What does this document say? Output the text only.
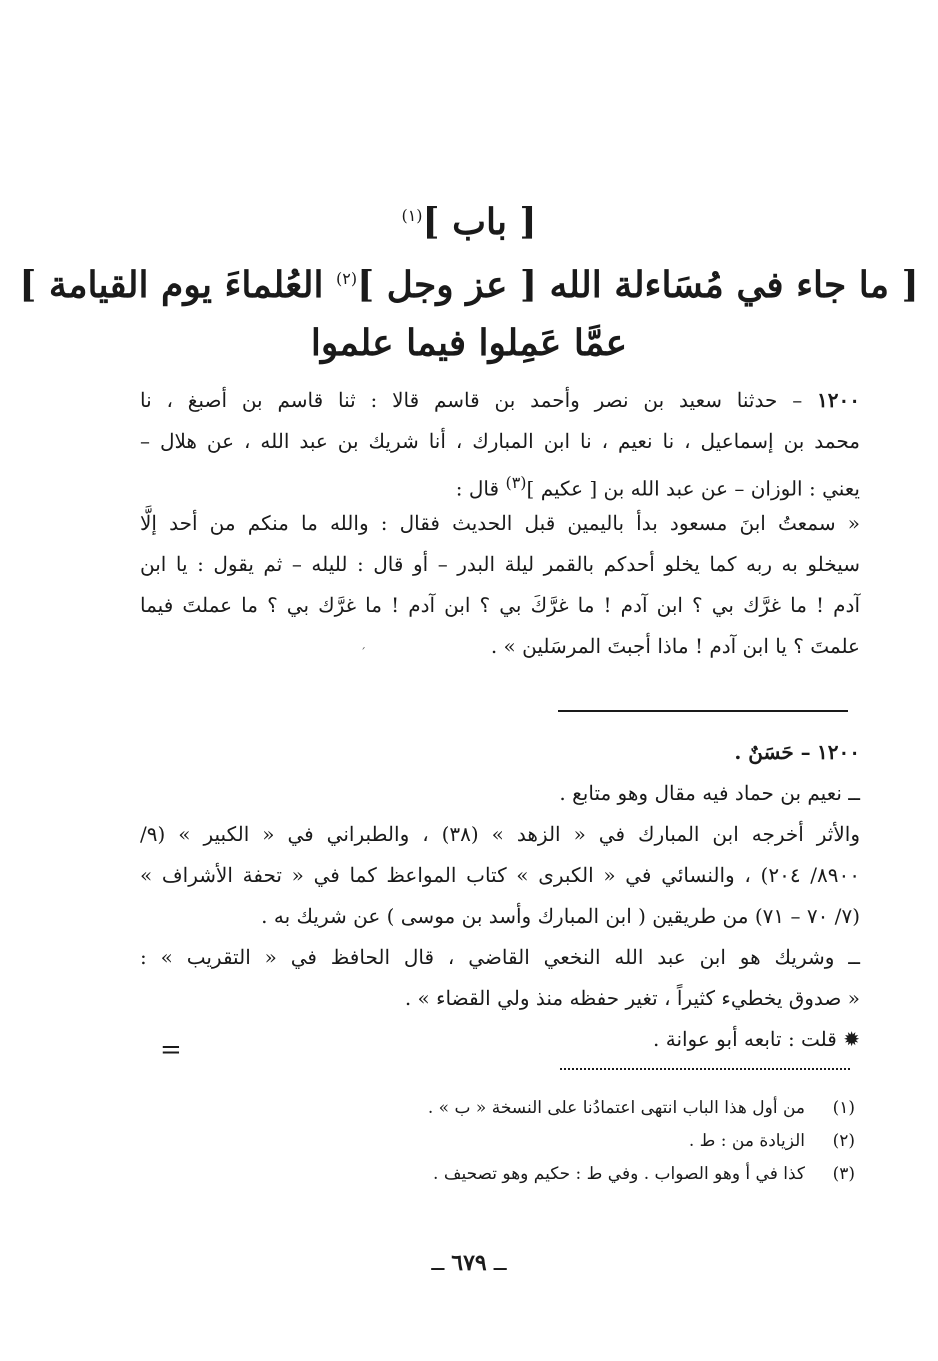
[ باب ]$^{(١)}$
[ ما جاء في مُسَاءلة الله [ عز وجل ]$^{(٢)}$ العُلماءَ يوم القيامة ]
عمَّا عَمِلوا فيما علموا
١٢٠٠ – حدثنا سعيد بن نصر وأحمد بن قاسم قالا : ثنا قاسم بن أصبغ ، نا
محمد بن إسماعيل ، نا نعيم ، نا ابن المبارك ، أنا شريك بن عبد الله ، عن هلال –
يعني : الوزان – عن عبد الله بن [ عكيم ]$^{(٣)}$ قال :
« سمعتُ ابنَ مسعود بدأ باليمين قبل الحديث فقال : والله ما منكم من أحد إلَّا
سيخلو به ربه كما يخلو أحدكم بالقمر ليلة البدر – أو قال : لليله – ثم يقول : يا ابن
آدم ! ما غرَّك بي ؟ ابن آدم ! ما غرَّكَ بي ؟ ابن آدم ! ما غرَّك بي ؟ ما عملتَ فيما
علمتَ ؟ يا ابن آدم ! ماذا أجبتَ المرسَلين » .
´
١٢٠٠ – حَسَنٌ .
ــ نعيم بن حماد فيه مقال وهو متابع .
والأثر أخرجه ابن المبارك في « الزهد » (٣٨) ، والطبراني في « الكبير » (٩/
٨٩٠٠/ ٢٠٤) ، والنسائي في « الكبرى » كتاب المواعظ كما في « تحفة الأشراف »
(٧/ ٧٠ – ٧١) من طريقين ( ابن المبارك وأسد بن موسى ) عن شريك به .
ــ وشريك هو ابن عبد الله النخعي القاضي ، قال الحافظ في « التقريب » :
« صدوق يخطيء كثيراً ، تغير حفظه منذ ولي القضاء » .
✹ قلت : تابعه أبو عوانة .
=
(١)
من أول هذا الباب انتهى اعتمادُنا على النسخة « ب » .
(٢)
الزيادة من : ط .
(٣)
كذا في أ وهو الصواب . وفي ط : حكيم وهو تصحيف .
ــ ٦٧٩ ــ
